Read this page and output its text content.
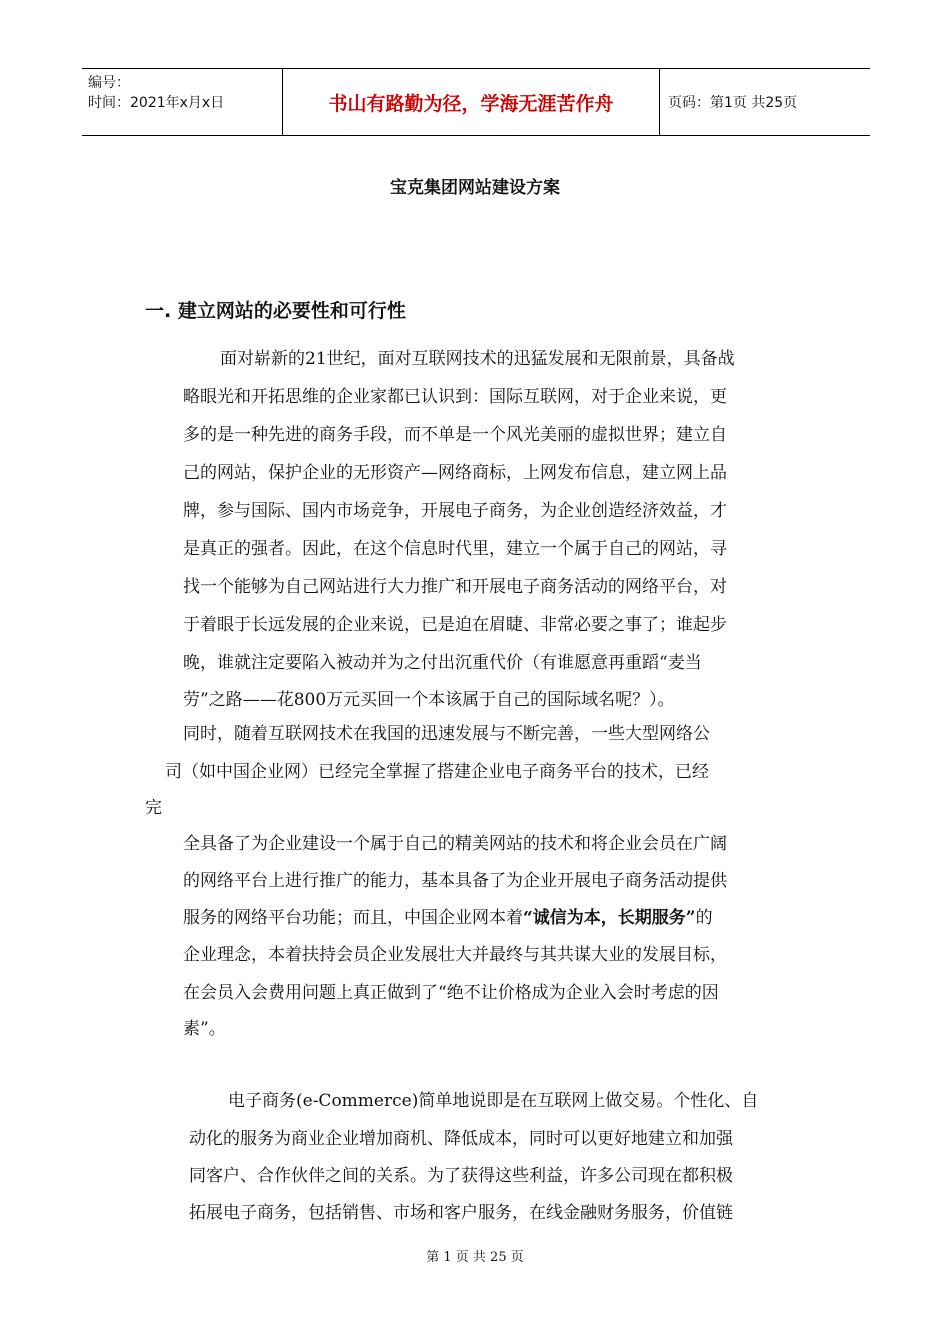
编号：
时间：2021年x月x日	书山有路勤为径，学海无涯苦作舟	页码：第1页 共25页
宝克集团网站建设方案
一. 建立网站的必要性和可行性
面对崭新的21世纪，面对互联网技术的迅猛发展和无限前景，具备战
略眼光和开拓思维的企业家都已认识到：国际互联网，对于企业来说，更
多的是一种先进的商务手段，而不单是一个风光美丽的虚拟世界；建立自
己的网站，保护企业的无形资产—网络商标，上网发布信息，建立网上品
牌，参与国际、国内市场竞争，开展电子商务，为企业创造经济效益，才
是真正的强者。因此，在这个信息时代里，建立一个属于自己的网站，寻
找一个能够为自己网站进行大力推广和开展电子商务活动的网络平台，对
于着眼于长远发展的企业来说，已是迫在眉睫、非常必要之事了；谁起步
晚，谁就注定要陷入被动并为之付出沉重代价（有谁愿意再重蹈“麦当
劳”之路——花800万元买回一个本该属于自己的国际域名呢？）。
同时，随着互联网技术在我国的迅速发展与不断完善，一些大型网络公
司（如中国企业网）已经完全掌握了搭建企业电子商务平台的技术，已经
完
全具备了为企业建设一个属于自己的精美网站的技术和将企业会员在广阔
的网络平台上进行推广的能力，基本具备了为企业开展电子商务活动提供
服务的网络平台功能；而且，中国企业网本着“诚信为本，长期服务”的
企业理念，本着扶持会员企业发展壮大并最终与其共谋大业的发展目标，
在会员入会费用问题上真正做到了“绝不让价格成为企业入会时考虑的因
素”。
电子商务(e-Commerce)简单地说即是在互联网上做交易。个性化、自
动化的服务为商业企业增加商机、降低成本，同时可以更好地建立和加强
同客户、合作伙伴之间的关系。为了获得这些利益，许多公司现在都积极
拓展电子商务，包括销售、市场和客户服务，在线金融财务服务，价值链
第 1 页 共 25 页
